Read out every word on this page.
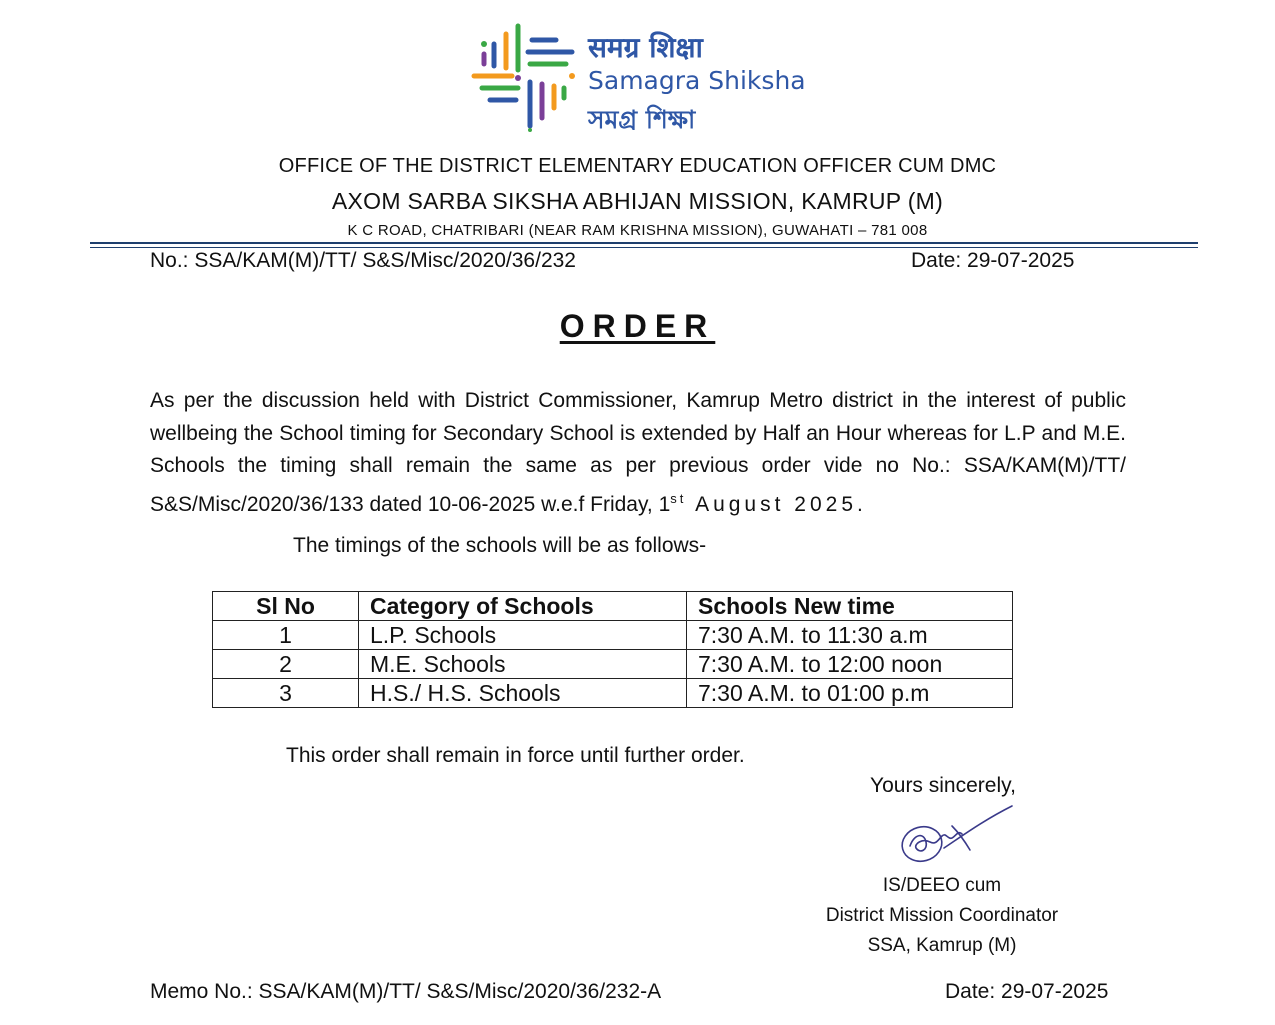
समग्र शिक्षा
Samagra Shiksha
সমগ্র শিক্ষা
OFFICE OF THE DISTRICT ELEMENTARY EDUCATION OFFICER CUM DMC
AXOM SARBA SIKSHA ABHIJAN MISSION, KAMRUP (M)
K C ROAD, CHATRIBARI (NEAR RAM KRISHNA MISSION), GUWAHATI – 781 008
No.: SSA/KAM(M)/TT/ S&S/Misc/2020/36/232	Date: 29-07-2025
ORDER
As per the discussion held with District Commissioner, Kamrup Metro district in the interest of public wellbeing the School timing for Secondary School is extended by Half an Hour whereas for L.P and M.E. Schools the timing shall remain the same as per previous order vide no No.: SSA/KAM(M)/TT/ S&S/Misc/2020/36/133 dated 10-06-2025 w.e.f Friday, 1st August 2025.
The timings of the schools will be as follows-
Sl No	Category of Schools	Schools New time
1	L.P. Schools	7:30 A.M. to 11:30 a.m
2	M.E. Schools	7:30 A.M. to 12:00 noon
3	H.S./ H.S. Schools	7:30 A.M. to 01:00 p.m
This order shall remain in force until further order.
Yours sincerely,
IS/DEEO cum
District Mission Coordinator
SSA, Kamrup (M)
Memo No.: SSA/KAM(M)/TT/ S&S/Misc/2020/36/232-A	Date: 29-07-2025
